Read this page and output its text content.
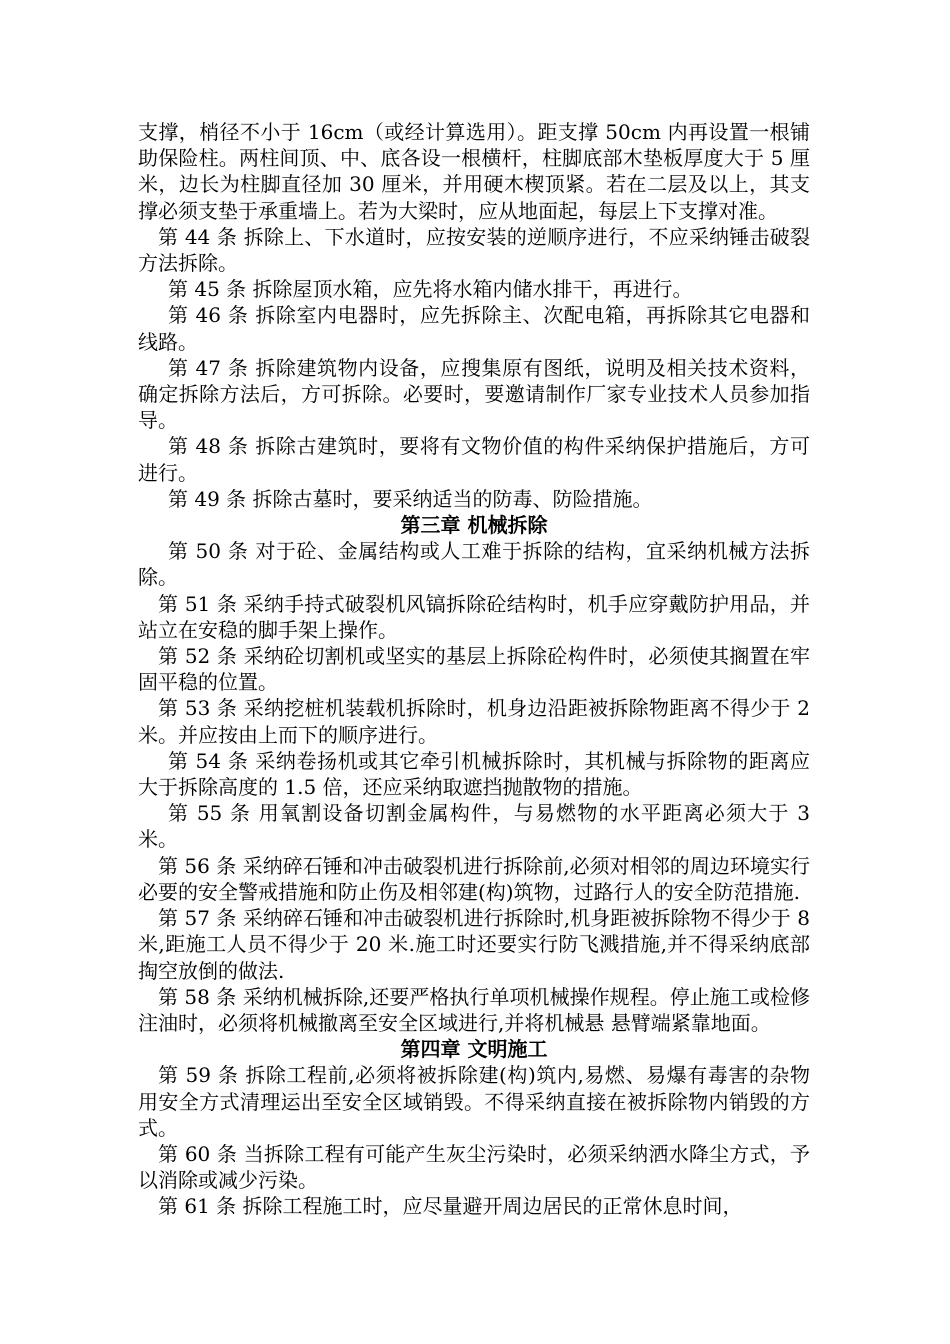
支撑，梢径不小于 16cm（或经计算选用）。距支撑 50cm 内再设置一根铺助保险柱。两柱间顶、中、底各设一根横杆，柱脚底部木垫板厚度大于 5 厘米，边长为柱脚直径加 30 厘米，并用硬木楔顶紧。若在二层及以上，其支撑必须支垫于承重墙上。若为大梁时，应从地面起，每层上下支撑对准。

第 44 条 拆除上、下水道时，应按安装的逆顺序进行，不应采纳锤击破裂方法拆除。

第 45 条 拆除屋顶水箱，应先将水箱内储水排干，再进行。

第 46 条 拆除室内电器时，应先拆除主、次配电箱，再拆除其它电器和线路。

第 47 条 拆除建筑物内设备，应搜集原有图纸，说明及相关技术资料，确定拆除方法后，方可拆除。必要时，要邀请制作厂家专业技术人员参加指导。

第 48 条 拆除古建筑时，要将有文物价值的构件采纳保护措施后，方可进行。

第 49 条 拆除古墓时，要采纳适当的防毒、防险措施。

第三章 机械拆除

第 50 条 对于砼、金属结构或人工难于拆除的结构，宜采纳机械方法拆除。

第 51 条 采纳手持式破裂机风镐拆除砼结构时，机手应穿戴防护用品，并站立在安稳的脚手架上操作。

第 52 条 采纳砼切割机或坚实的基层上拆除砼构件时，必须使其搁置在牢固平稳的位置。

第 53 条 采纳挖桩机装载机拆除时，机身边沿距被拆除物距离不得少于 2 米。并应按由上而下的顺序进行。

第 54 条 采纳卷扬机或其它牵引机械拆除时，其机械与拆除物的距离应大于拆除高度的 1.5 倍，还应采纳取遮挡抛散物的措施。

第 55 条 用氧割设备切割金属构件，与易燃物的水平距离必须大于 3 米。

第 56 条 采纳碎石锤和冲击破裂机进行拆除前,必须对相邻的周边环境实行必要的安全警戒措施和防止伤及相邻建(构)筑物，过路行人的安全防范措施.

第 57 条 采纳碎石锤和冲击破裂机进行拆除时,机身距被拆除物不得少于 8 米,距施工人员不得少于 20 米.施工时还要实行防飞溅措施,并不得采纳底部掏空放倒的做法.

第 58 条 采纳机械拆除,还要严格执行单项机械操作规程。停止施工或检修注油时，必须将机械撤离至安全区域进行,并将机械悬 悬臂端紧靠地面。

第四章 文明施工

第 59 条 拆除工程前,必须将被拆除建(构)筑内,易燃、易爆有毒害的杂物用安全方式清理运出至安全区域销毁。不得采纳直接在被拆除物内销毁的方式。

第 60 条 当拆除工程有可能产生灰尘污染时，必须采纳洒水降尘方式，予以消除或减少污染。

第 61 条 拆除工程施工时，应尽量避开周边居民的正常休息时间，
